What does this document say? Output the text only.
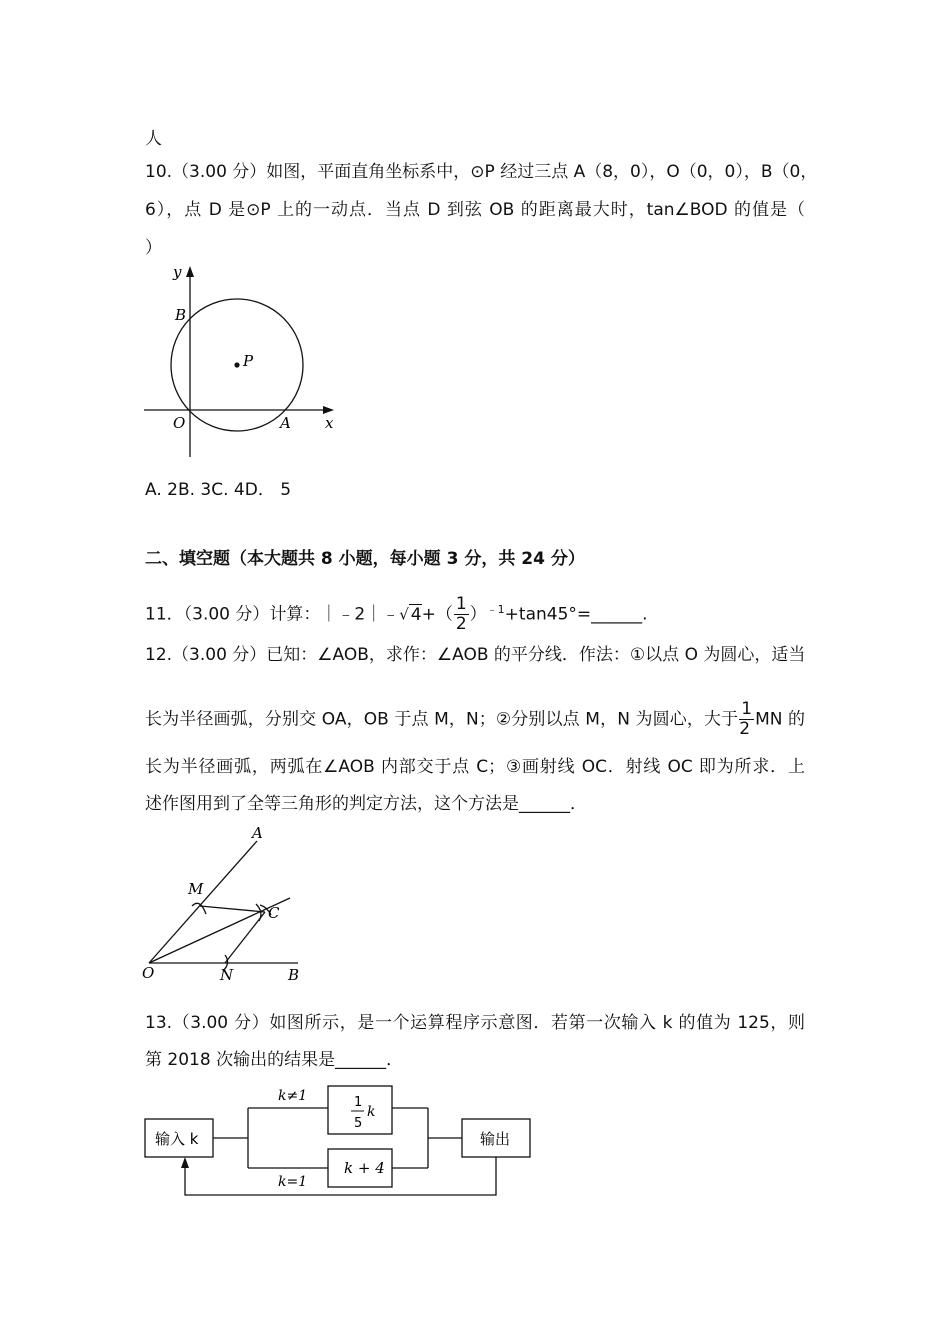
人
10.（3.00 分）如图，平面直角坐标系中，⊙P 经过三点 A（8，0），O（0，0），B（0，
6），点 D 是⊙P 上的一动点．当点 D 到弦 OB 的距离最大时，tan∠BOD 的值是（
）
y
B
P
O	A x
A. 2B. 3C. 4D． 5
二、填空题（本大题共 8 小题，每小题 3 分，共 24 分）
11．（3.00 分）计算：｜﹣2｜﹣√ $4+( \frac{1}{2}$ ）$^{﹣1}+\tan 45^\circ=\_\_\_\_\_\_$.
12.（3.00 分）已知：∠AOB，求作：∠AOB 的平分线．作法：①以点 O 为圆心，适当
长为半径画弧，分别交 OA，OB 于点 M，N；②分别以点 M，N 为圆心，大于 $\frac{1}{2}$ MN 的
长为半径画弧，两弧在∠AOB 内部交于点 C；③画射线 OC．射线 OC 即为所求．上
述作图用到了全等三角形的判定方法，这个方法是______．
A
M
C
O	N	B
13.（3.00 分）如图所示，是一个运算程序示意图．若第一次输入 k 的值为 125，则
第 2018 次输出的结果是______．
输入 k	输出
1
5
k
k + 4
k≠1
k=1
